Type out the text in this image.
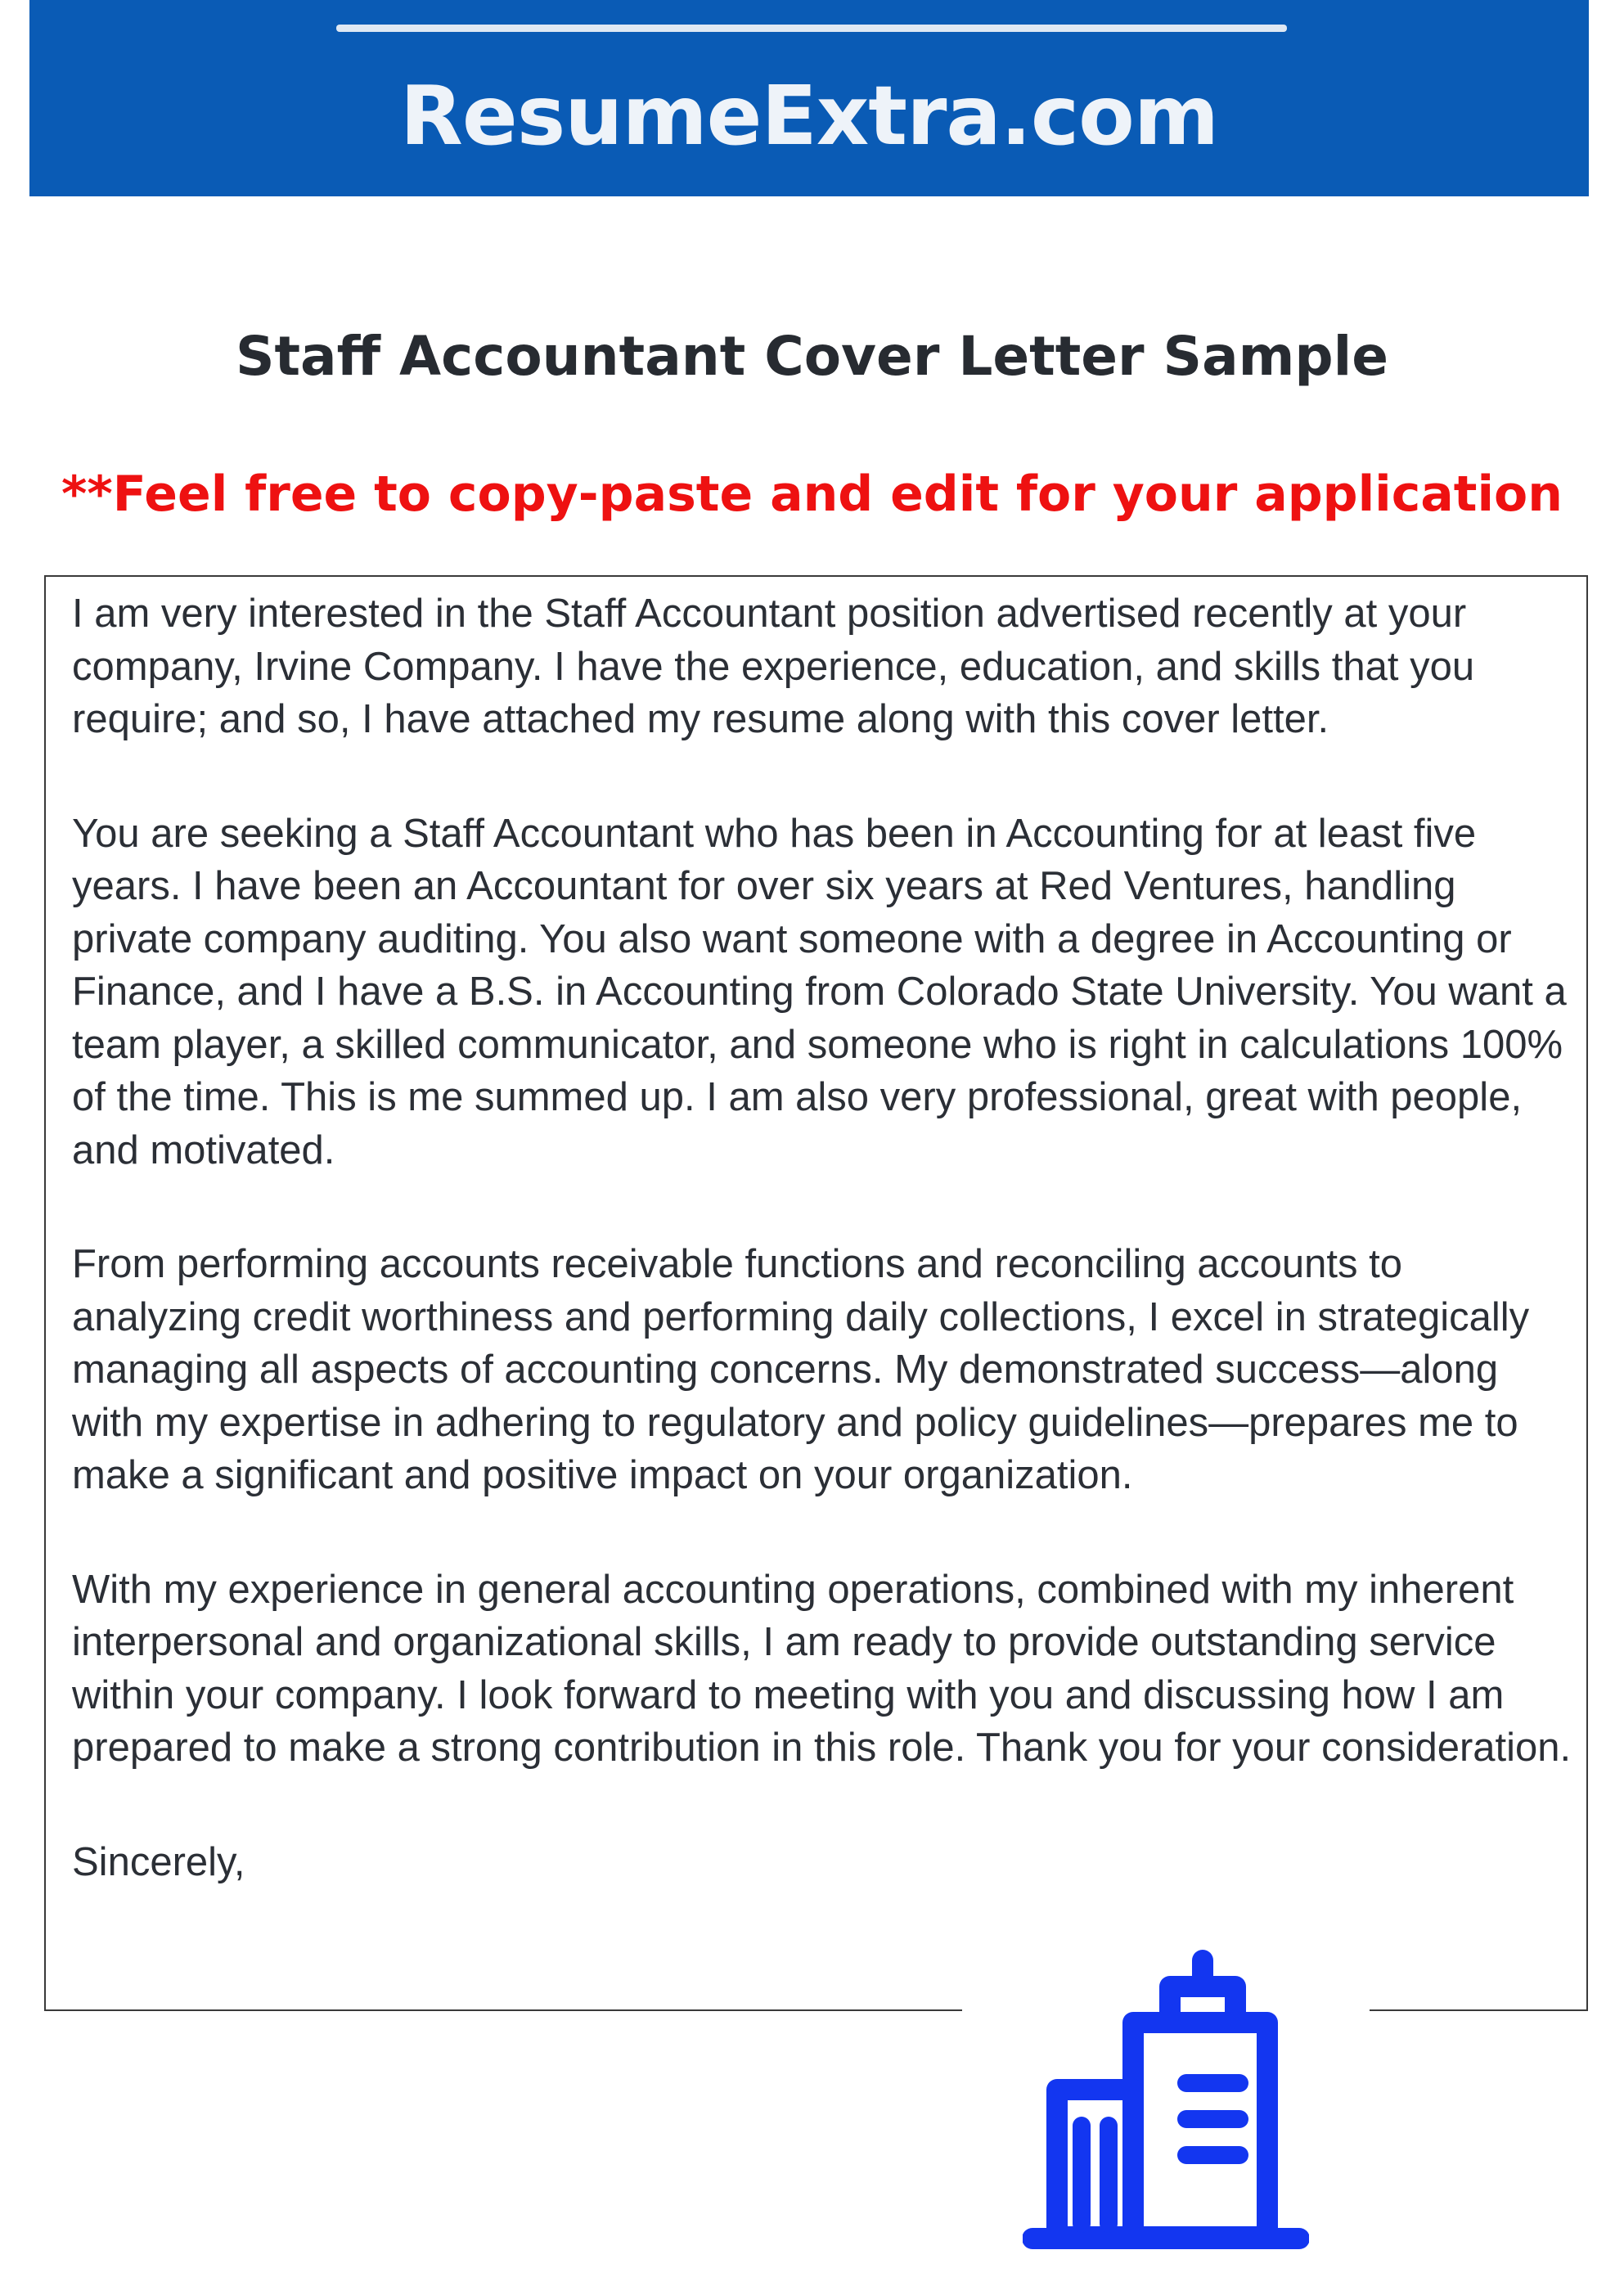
ResumeExtra.com
Staff Accountant Cover Letter Sample
**Feel free to copy-paste and edit for your application

I am very interested in the Staff Accountant position advertised recently at your company, Irvine Company. I have the experience, education, and skills that you require; and so, I have attached my resume along with this cover letter.

You are seeking a Staff Accountant who has been in Accounting for at least five years. I have been an Accountant for over six years at Red Ventures, handling private company auditing. You also want someone with a degree in Accounting or Finance, and I have a B.S. in Accounting from Colorado State University. You want a team player, a skilled communicator, and someone who is right in calculations 100% of the time. This is me summed up. I am also very professional, great with people, and motivated.

From performing accounts receivable functions and reconciling accounts to analyzing credit worthiness and performing daily collections, I excel in strategically managing all aspects of accounting concerns. My demonstrated success—along with my expertise in adhering to regulatory and policy guidelines—prepares me to make a significant and positive impact on your organization.

With my experience in general accounting operations, combined with my inherent interpersonal and organizational skills, I am ready to provide outstanding service within your company. I look forward to meeting with you and discussing how I am prepared to make a strong contribution in this role. Thank you for your consideration.

Sincerely,
